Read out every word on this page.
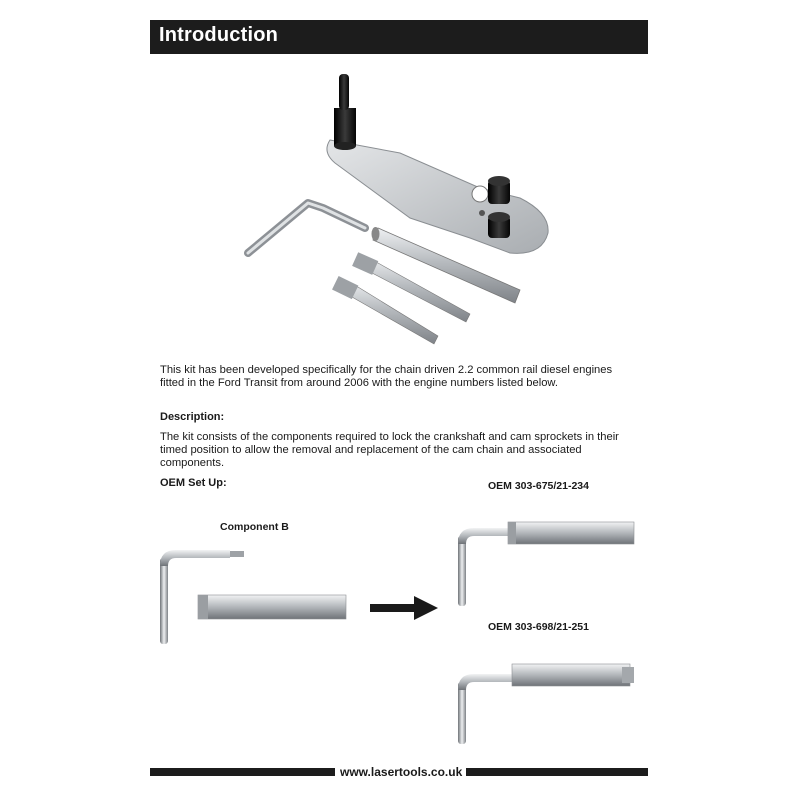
Introduction
This kit has been developed specifically for the chain driven 2.2 common rail diesel engines fitted in the Ford Transit from around 2006 with the engine numbers listed below.
Description:
The kit consists of the components required to lock the crankshaft and cam sprockets in their timed position to allow the removal and replacement of the cam chain and associated components.
OEM Set Up:	OEM 303-675/21-234
Component B
OEM 303-698/21-251
www.lasertools.co.uk
